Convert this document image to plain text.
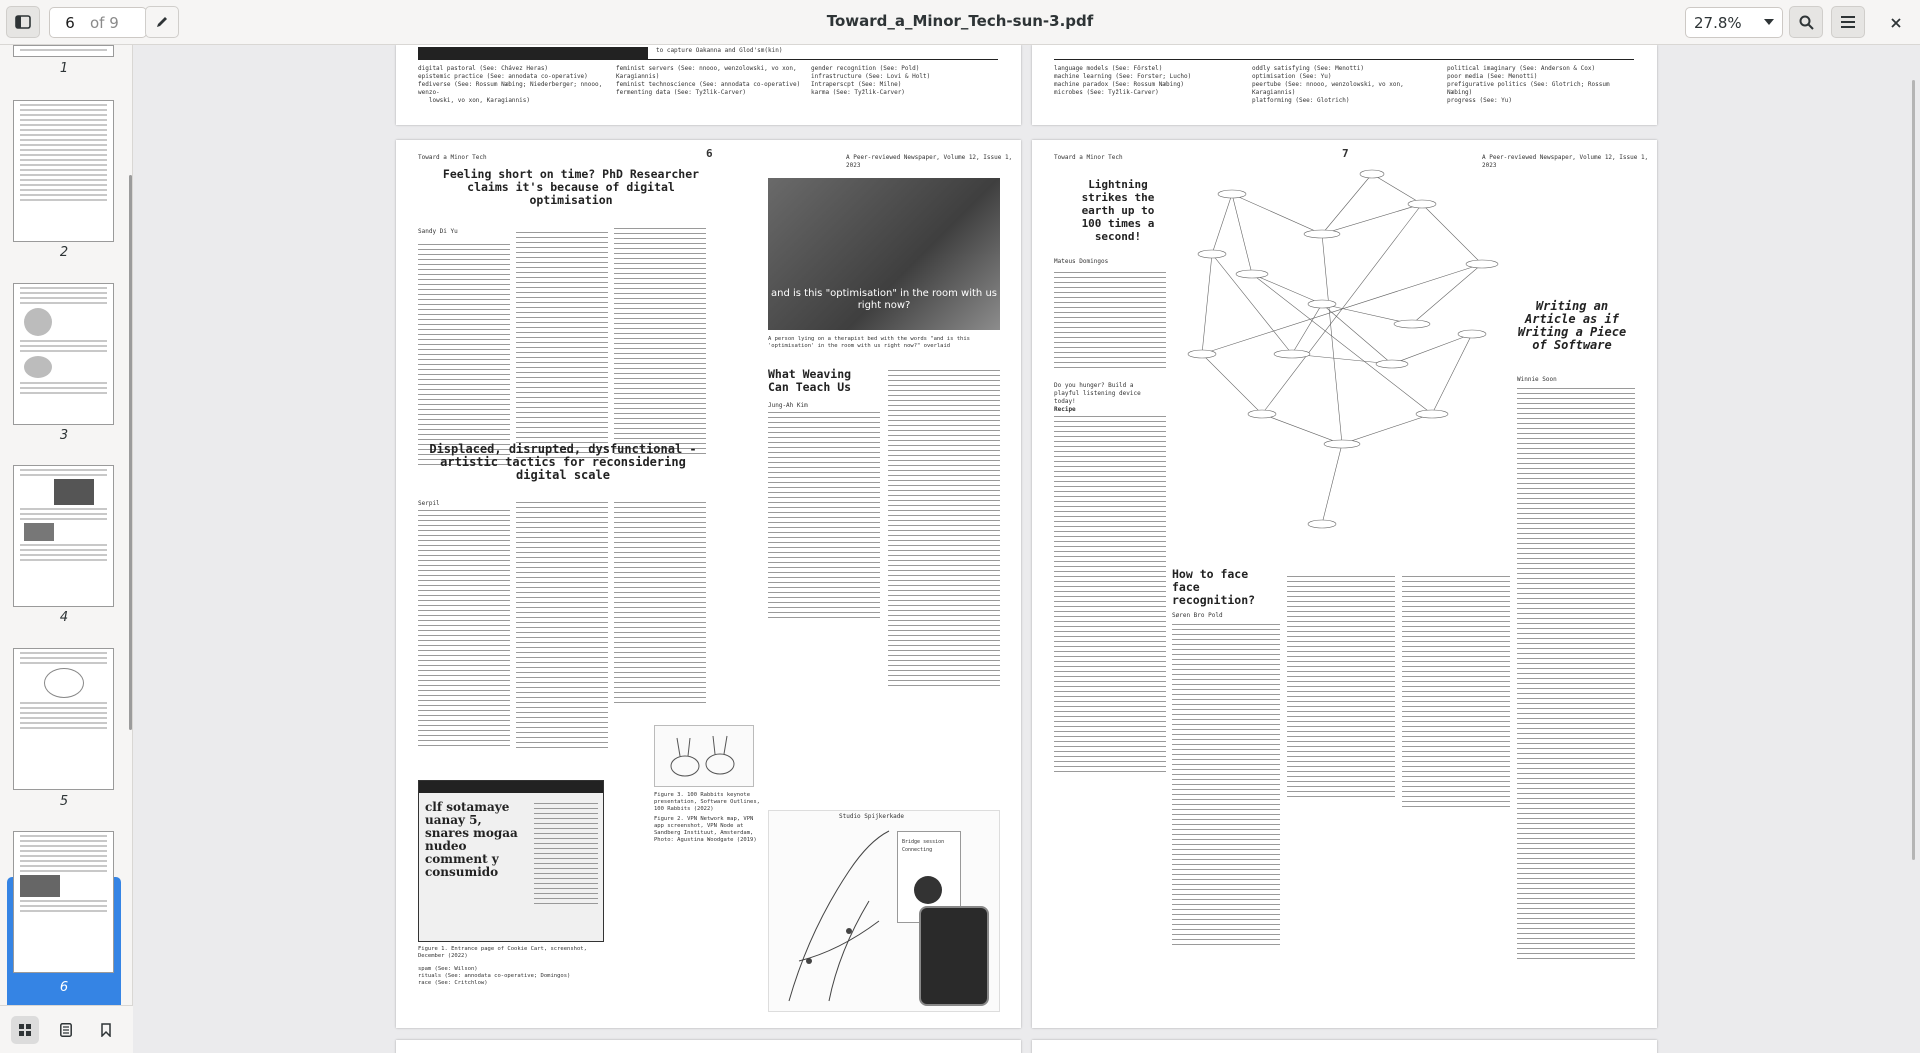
6	of 9	Toward_a_Minor_Tech-sun-3.pdf	27.8%
1
2
3
4
5
6
to capture Oakanna and Glod'sm(kin)
digital pastoral (See: Chávez Heras)
epistemic practice (See: annodata co-operative)
fediverse (See: Rossum Næbing; Niederberger; nnooo, wenzo-
lowski, vo xon, Karagiannis)
feminist servers (See: nnooo, wenzolowski, vo xon, Karagiannis)
feminist technoscience (See: annodata co-operative)
fermenting data (See: Tyžlik-Carver)
gender recognition (See: Pold)
infrastructure (See: Lovi & Holt)
Intraperscpt (See: Milne)
karma (See: Tyžlik-Carver)
language models (See: Förstel)
machine learning (See: Forster; Lucho)
machine paradox (See: Rossum Næbing)
microbes (See: Tyžlik-Carver)
oddly satisfying (See: Menotti)
optimisation (See: Yu)
peertube (See: nnooo, wenzolowski, vo xon, Karagiannis)
platforming (See: Glotrich)
political imaginary (See: Anderson & Cox)
poor media (See: Menotti)
prefigurative politics (See: Glotrich; Rossum Næbing)
progress (See: Yu)
Toward a Minor Tech	6	A Peer-reviewed Newspaper, Volume 12, Issue 1, 2023
Feeling short on time? PhD Researcher claims it's because of digital optimisation
Sandy Di Yu
and is this "optimisation" in the room with us right now?
A person lying on a therapist bed with the words "and is this 'optimisation' in the room with us right now?" overlaid
Displaced, disrupted, dysfunctional - artistic tactics for reconsidering digital scale
Serpil
What Weaving Can Teach Us
Jung-Ah Kim
Figure 3. 100 Rabbits keynote presentation, Software Outlines, 100 Rabbits (2022)
clf sotamaye uanay 5, snares mogaa nudeo comment y consumido
Figure 1. Entrance page of Cookie Cart, screenshot, December (2022)
spam (See: Wilson)
rituals (See: annodata co-operative; Domingos)
race (See: Critchlow)
Studio Spijkerkade
Bridge session
Connecting
Figure 2. VPN Network map, VPN app screenshot, VPN Node at Sandberg Instituut, Amsterdam, Photo: Agustina Woodgate (2019)
Toward a Minor Tech	7	A Peer-reviewed Newspaper, Volume 12, Issue 1, 2023
Lightning strikes the earth up to 100 times a second!
Mateus Domingos
Do you hunger? Build a playful listening device today!
Recipe
Writing an Article as if Writing a Piece of Software
Winnie Soon
How to face face recognition?
Søren Bro Pold
